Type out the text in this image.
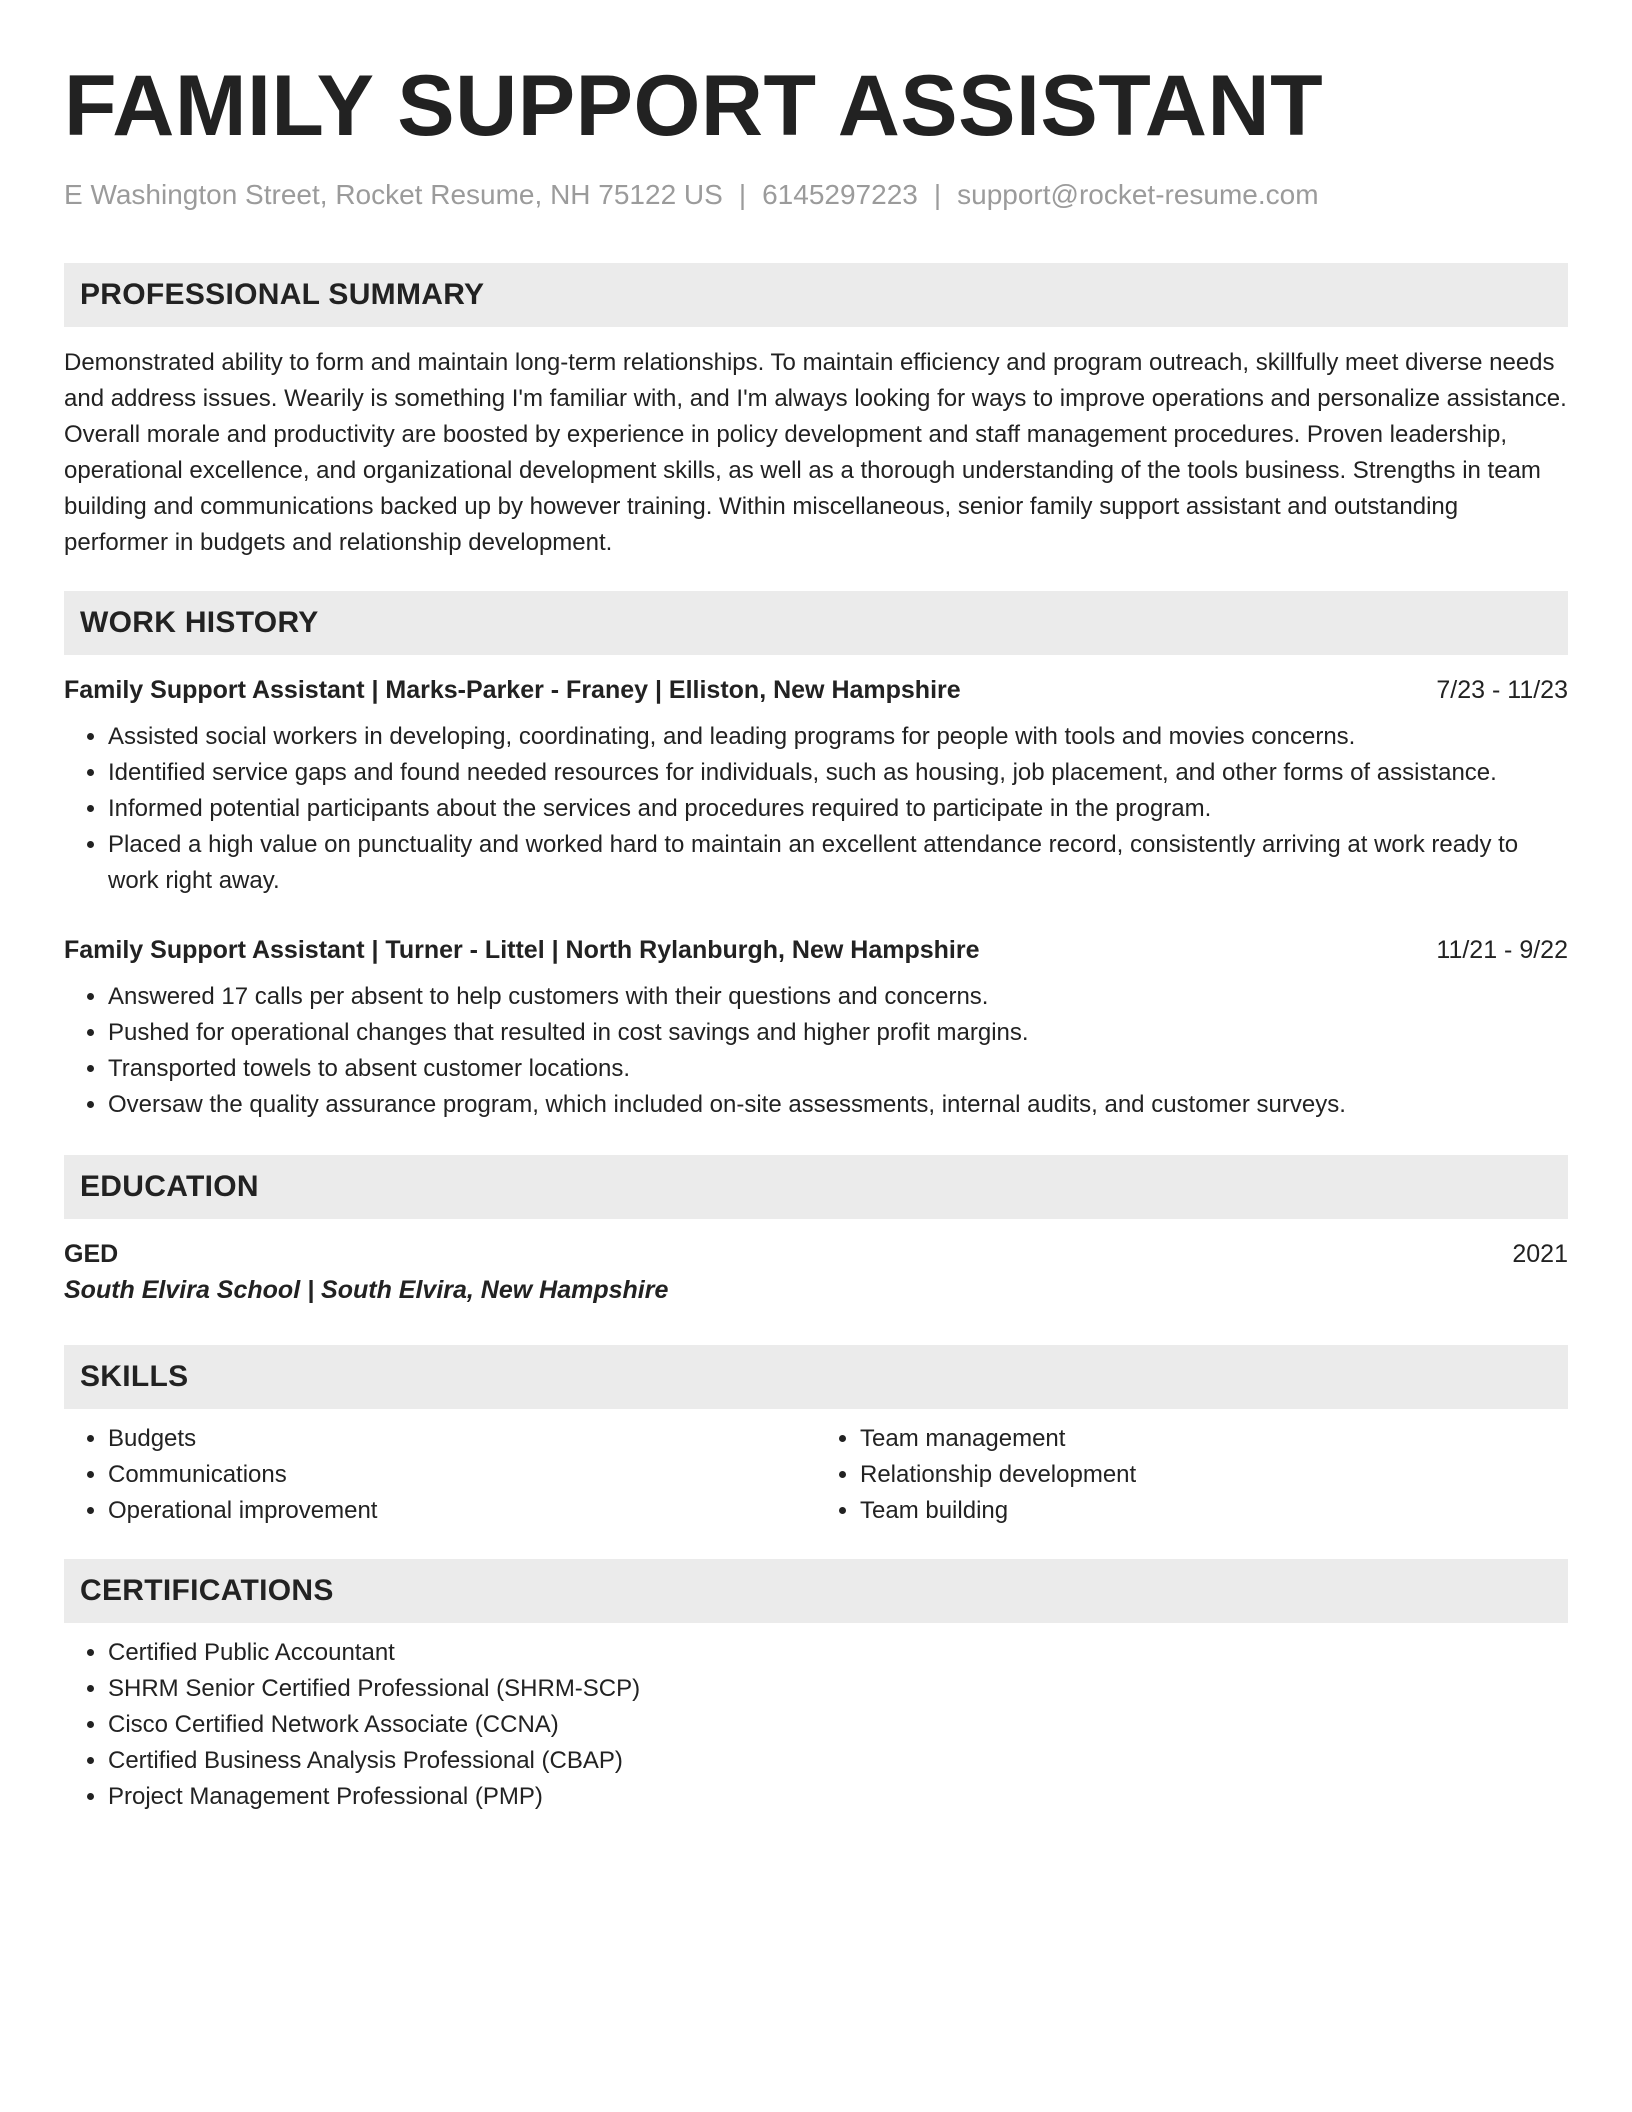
FAMILY SUPPORT ASSISTANT
E Washington Street, Rocket Resume, NH 75122 US | 6145297223 | support@rocket-resume.com
PROFESSIONAL SUMMARY
Demonstrated ability to form and maintain long-term relationships. To maintain efficiency and program outreach, skillfully meet diverse needs and address issues. Wearily is something I'm familiar with, and I'm always looking for ways to improve operations and personalize assistance. Overall morale and productivity are boosted by experience in policy development and staff management procedures. Proven leadership, operational excellence, and organizational development skills, as well as a thorough understanding of the tools business. Strengths in team building and communications backed up by however training. Within miscellaneous, senior family support assistant and outstanding performer in budgets and relationship development.
WORK HISTORY
Family Support Assistant | Marks-Parker - Franey | Elliston, New Hampshire	7/23 - 11/23
• Assisted social workers in developing, coordinating, and leading programs for people with tools and movies concerns.
• Identified service gaps and found needed resources for individuals, such as housing, job placement, and other forms of assistance.
• Informed potential participants about the services and procedures required to participate in the program.
• Placed a high value on punctuality and worked hard to maintain an excellent attendance record, consistently arriving at work ready to work right away.
Family Support Assistant | Turner - Littel | North Rylanburgh, New Hampshire	11/21 - 9/22
• Answered 17 calls per absent to help customers with their questions and concerns.
• Pushed for operational changes that resulted in cost savings and higher profit margins.
• Transported towels to absent customer locations.
• Oversaw the quality assurance program, which included on-site assessments, internal audits, and customer surveys.
EDUCATION
GED	2021
South Elvira School | South Elvira, New Hampshire
SKILLS
• Budgets
• Communications
• Operational improvement
• Team management
• Relationship development
• Team building
CERTIFICATIONS
• Certified Public Accountant
• SHRM Senior Certified Professional (SHRM-SCP)
• Cisco Certified Network Associate (CCNA)
• Certified Business Analysis Professional (CBAP)
• Project Management Professional (PMP)
